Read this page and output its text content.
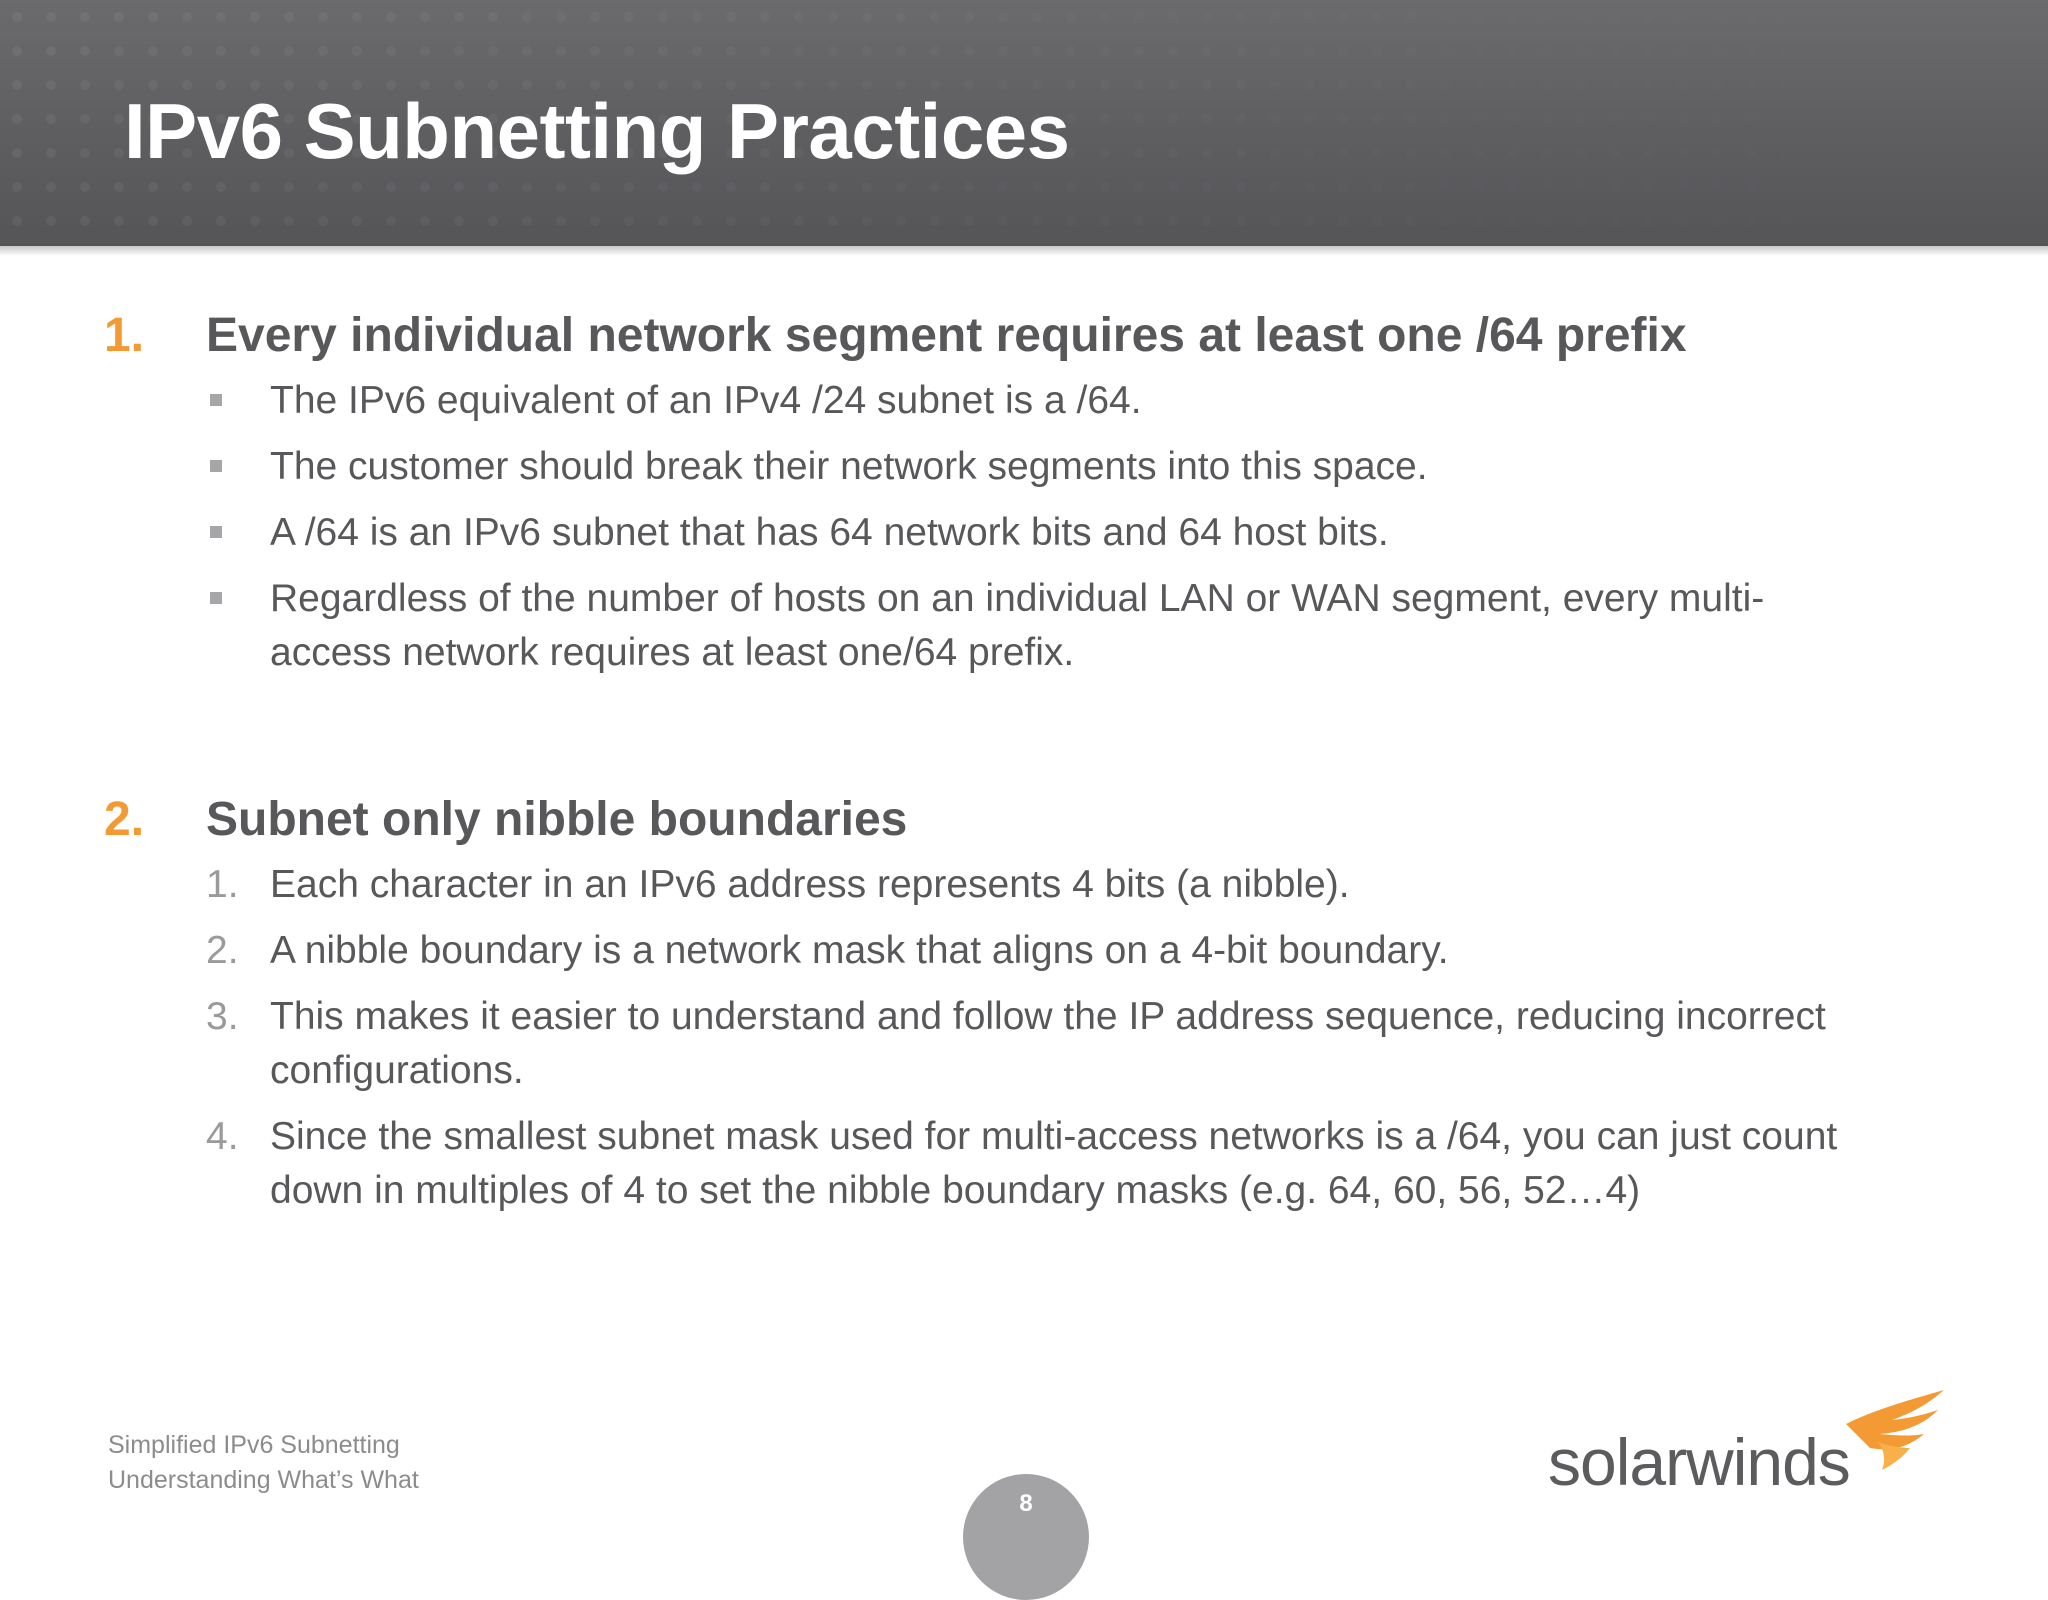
IPv6 Subnetting Practices
1. Every individual network segment requires at least one /64 prefix
The IPv6 equivalent of an IPv4 /24 subnet is a /64.
The customer should break their network segments into this space.
A /64 is an IPv6 subnet that has 64 network bits and 64 host bits.
Regardless of the number of hosts on an individual LAN or WAN segment, every multi-access network requires at least one/64 prefix.
2. Subnet only nibble boundaries
1. Each character in an IPv6 address represents 4 bits (a nibble).
2. A nibble boundary is a network mask that aligns on a 4-bit boundary.
3. This makes it easier to understand and follow the IP address sequence, reducing incorrect configurations.
4. Since the smallest subnet mask used for multi-access networks is a /64, you can just count down in multiples of 4 to set the nibble boundary masks (e.g. 64, 60, 56, 52…4)
Simplified IPv6 Subnetting
Understanding What’s What
8
solarwinds
